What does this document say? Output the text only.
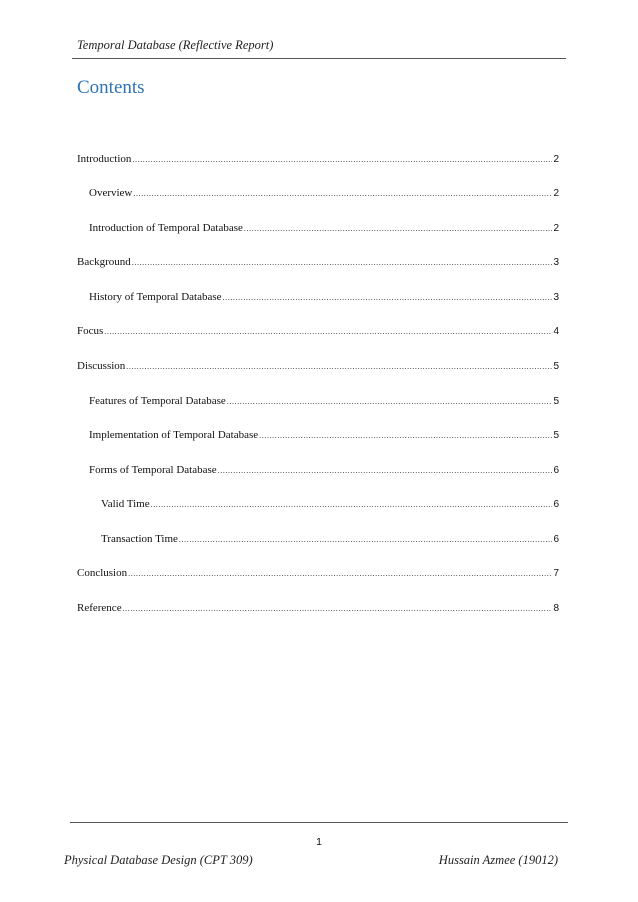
Temporal Database (Reflective Report)
Contents
Introduction .....	2
Overview .....	2
Introduction of Temporal Database .....	2
Background .....	3
History of Temporal Database .....	3
Focus .....	4
Discussion .....	5
Features of Temporal Database .....	5
Implementation of Temporal Database .....	5
Forms of Temporal Database .....	6
Valid Time .....	6
Transaction Time .....	6
Conclusion .....	7
Reference .....	8
1
Physical Database Design (CPT 309)	Hussain Azmee (19012)
